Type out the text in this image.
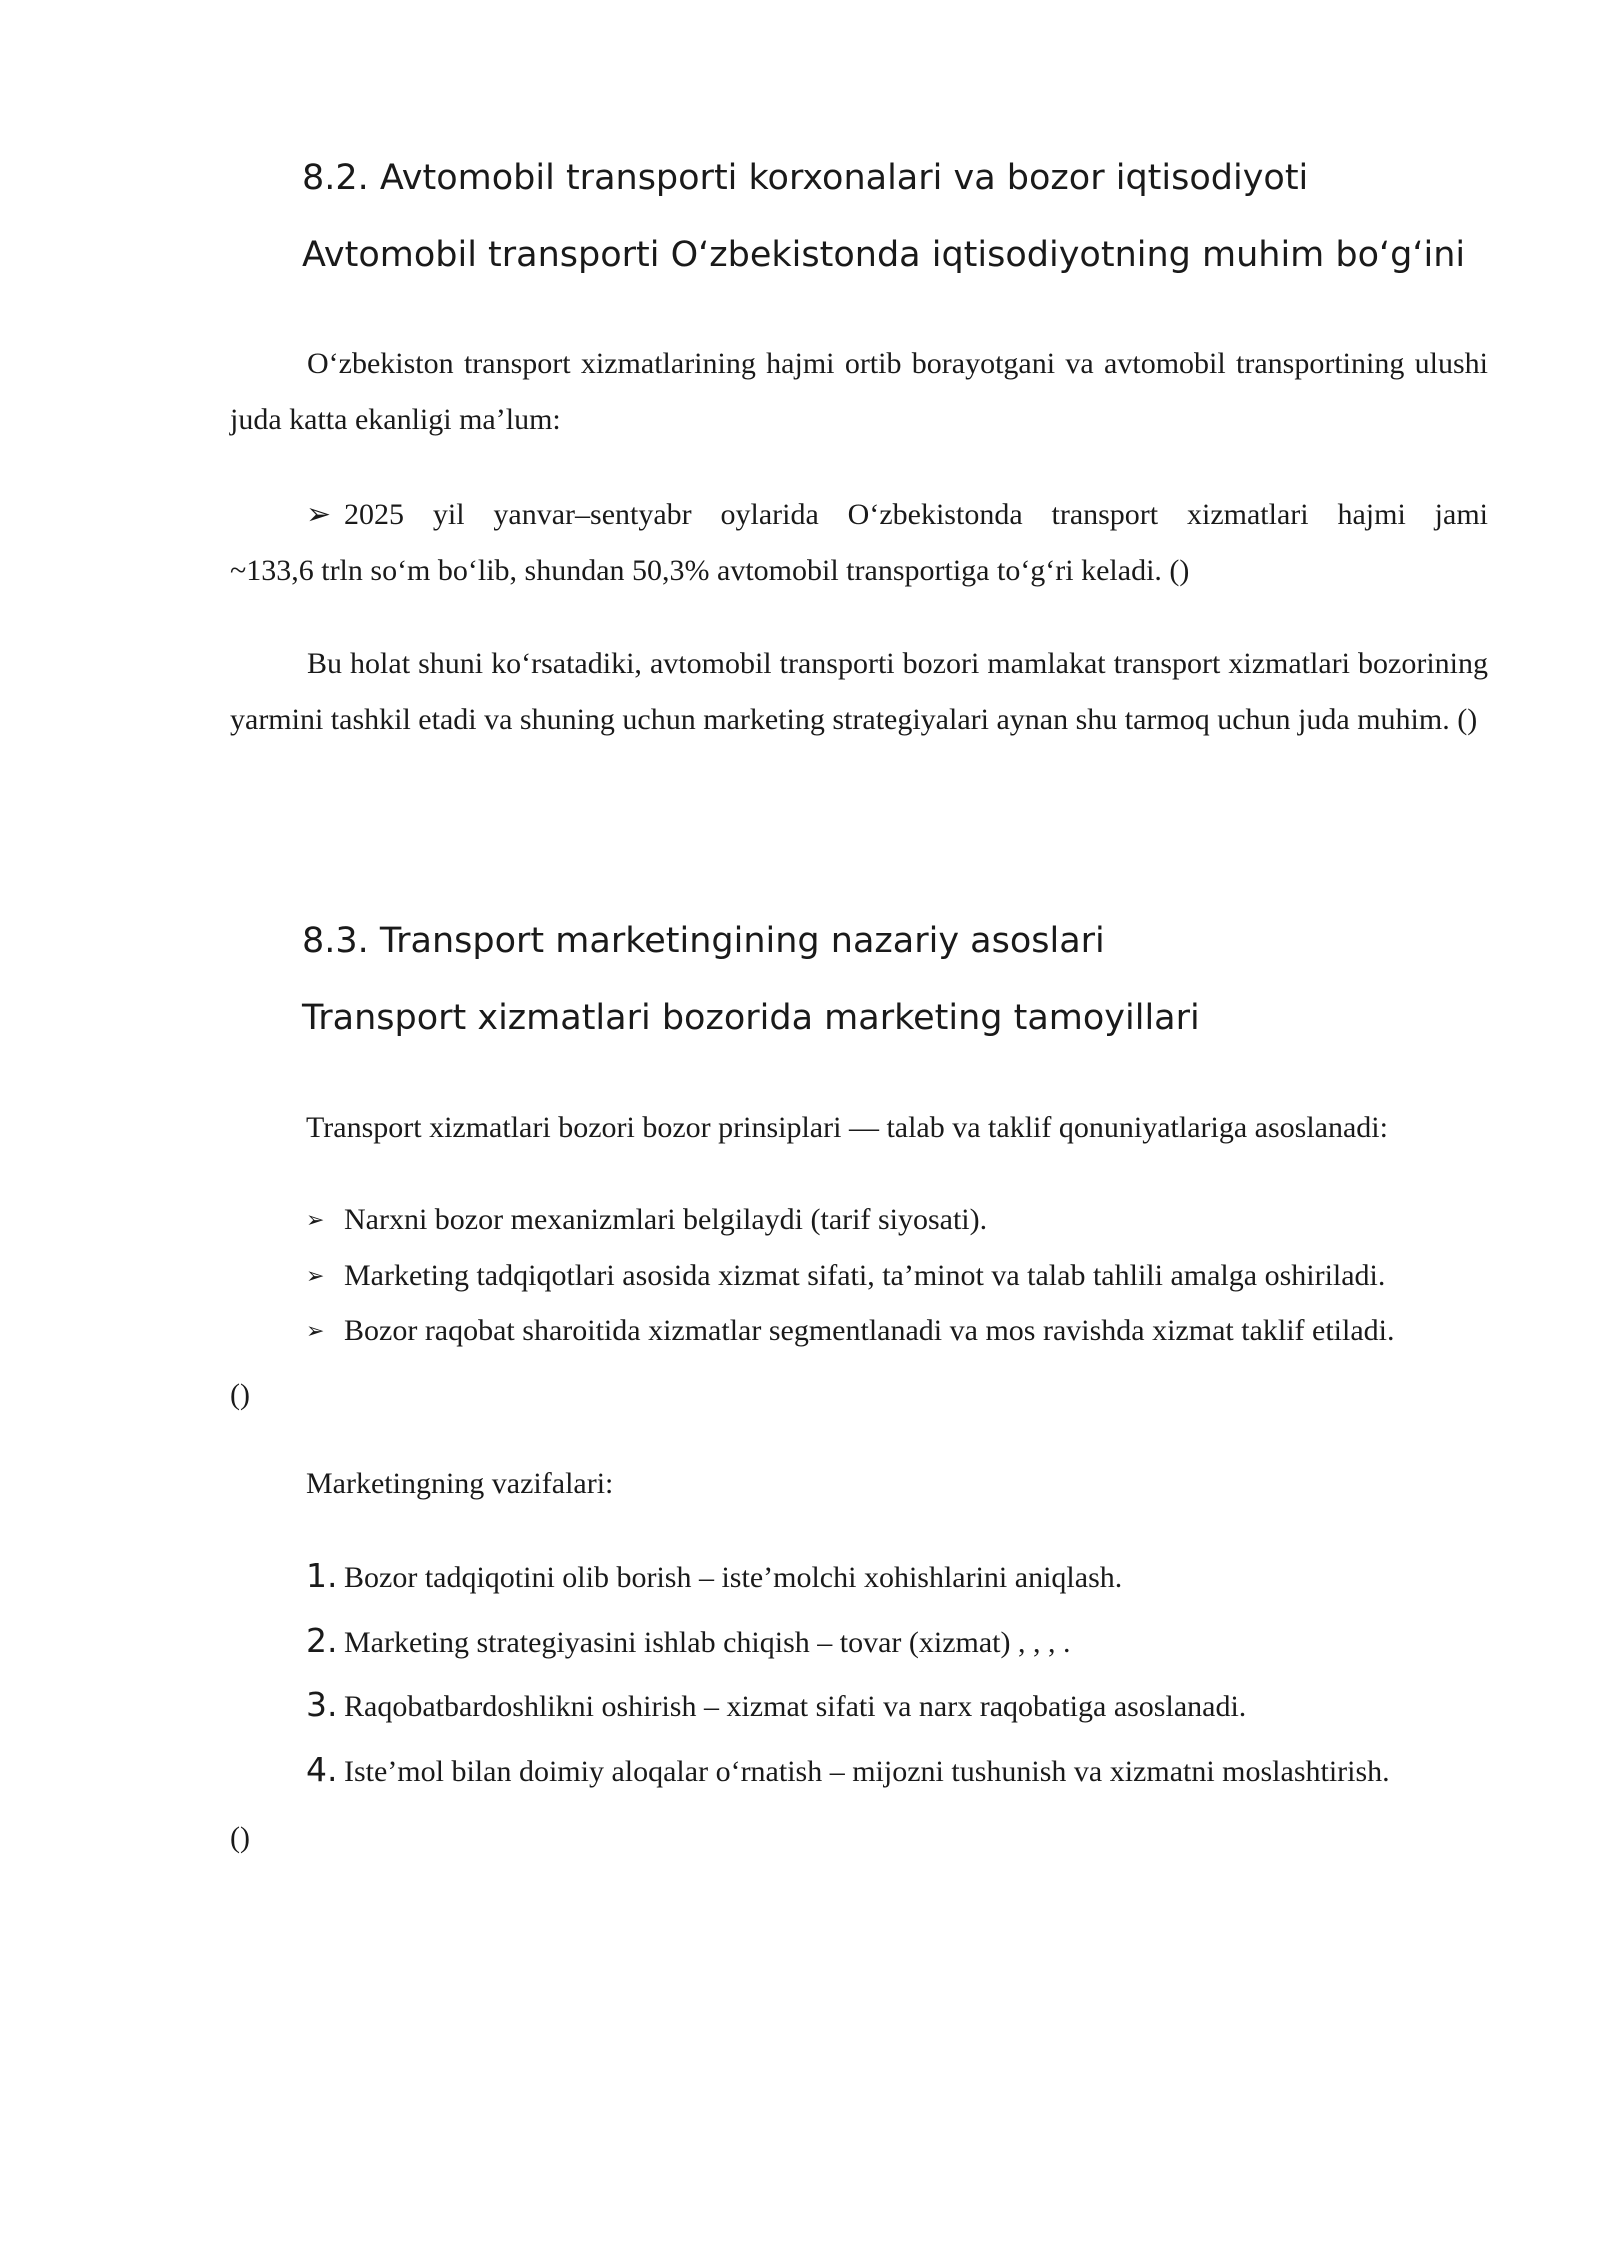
8.2. Avtomobil transporti korxonalari va bozor iqtisodiyoti
Avtomobil transporti O‘zbekistonda iqtisodiyotning muhim bo‘g‘ini

O‘zbekiston transport xizmatlarining hajmi ortib borayotgani va avtomobil transportining ulushi juda katta ekanligi ma’lum:

➢ 2025 yil yanvar–sentyabr oylarida O‘zbekistonda transport xizmatlari hajmi jami
~133,6 trln so‘m bo‘lib, shundan 50,3% avtomobil transportiga to‘g‘ri keladi. ()

Bu holat shuni ko‘rsatadiki, avtomobil transporti bozori mamlakat transport xizmatlari bozorining yarmini tashkil etadi va shuning uchun marketing strategiyalari aynan shu tarmoq uchun juda muhim. ()

8.3. Transport marketingining nazariy asoslari
Transport xizmatlari bozorida marketing tamoyillari
Transport xizmatlari bozori bozor prinsiplari — talab va taklif qonuniyatlariga asoslanadi:
➢ Narxni bozor mexanizmlari belgilaydi (tarif siyosati).
➢ Marketing tadqiqotlari asosida xizmat sifati, ta’minot va talab tahlili amalga oshiriladi.
➢ Bozor raqobat sharoitida xizmatlar segmentlanadi va mos ravishda xizmat taklif etiladi.
()
Marketingning vazifalari:
1. Bozor tadqiqotini olib borish – iste’molchi xohishlarini aniqlash.
2. Marketing strategiyasini ishlab chiqish – tovar (xizmat) , , , .
3. Raqobatbardoshlikni oshirish – xizmat sifati va narx raqobatiga asoslanadi.
4. Iste’mol bilan doimiy aloqalar o‘rnatish – mijozni tushunish va xizmatni moslashtirish.
()
